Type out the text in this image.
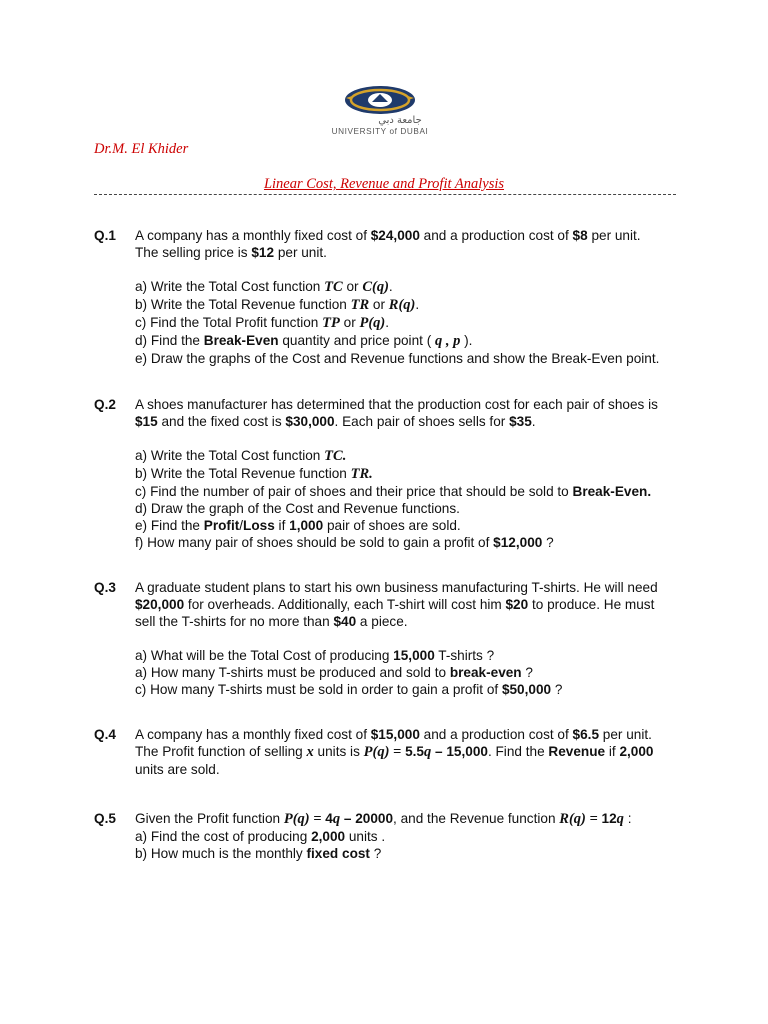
جامعة دبي
UNIVERSITY of DUBAI
Dr.M. El Khider
Linear Cost, Revenue and Profit Analysis
Q.1 A company has a monthly fixed cost of $24,000 and a production cost of $8 per unit.
The selling price is $12 per unit.
a) Write the Total Cost function TC or C(q).
b) Write the Total Revenue function TR or R(q).
c) Find the Total Profit function TP or P(q).
d) Find the Break-Even quantity and price point ( q , p ).
e) Draw the graphs of the Cost and Revenue functions and show the Break-Even point.
Q.2 A shoes manufacturer has determined that the production cost for each pair of shoes is
$15 and the fixed cost is $30,000. Each pair of shoes sells for $35.
a) Write the Total Cost function TC.
b) Write the Total Revenue function TR.
c) Find the number of pair of shoes and their price that should be sold to Break-Even.
d) Draw the graph of the Cost and Revenue functions.
e) Find the Profit/Loss if 1,000 pair of shoes are sold.
f) How many pair of shoes should be sold to gain a profit of $12,000 ?
Q.3 A graduate student plans to start his own business manufacturing T-shirts. He will need
$20,000 for overheads. Additionally, each T-shirt will cost him $20 to produce. He must
sell the T-shirts for no more than $40 a piece.
a) What will be the Total Cost of producing 15,000 T-shirts ?
a) How many T-shirts must be produced and sold to break-even ?
c) How many T-shirts must be sold in order to gain a profit of $50,000 ?
Q.4 A company has a monthly fixed cost of $15,000 and a production cost of $6.5 per unit.
The Profit function of selling x units is P(q) = 5.5q – 15,000. Find the Revenue if 2,000
units are sold.
Q.5 Given the Profit function P(q) = 4q – 20000, and the Revenue function R(q) = 12q :
a) Find the cost of producing 2,000 units .
b) How much is the monthly fixed cost ?
